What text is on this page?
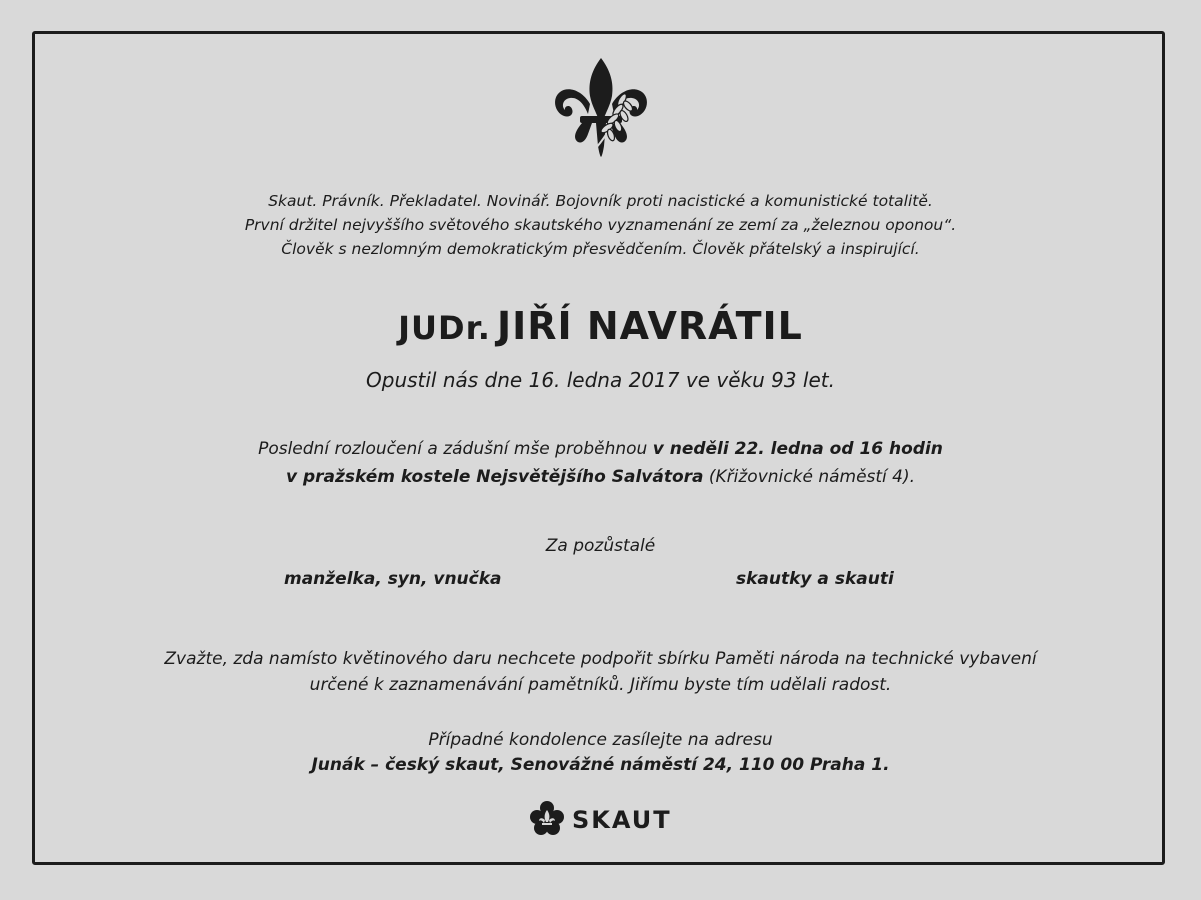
Skaut. Právník. Překladatel. Novinář. Bojovník proti nacistické a komunistické totalitě.
První držitel nejvyššího světového skautského vyznamenání ze zemí za „železnou oponou“.
Člověk s nezlomným demokratickým přesvědčením. Člověk přátelský a inspirující.
JUDr. JIŘÍ NAVRÁTIL
Opustil nás dne 16. ledna 2017 ve věku 93 let.
Poslední rozloučení a zádušní mše proběhnou v neděli 22. ledna od 16 hodin
v pražském kostele Nejsvětějšího Salvátora (Křižovnické náměstí 4).
Za pozůstalé
manželka, syn, vnučka	skautky a skauti
Zvažte, zda namísto květinového daru nechcete podpořit sbírku Paměti národa na technické vybavení
určené k zaznamenávání pamětníků. Jiřímu byste tím udělali radost.
Případné kondolence zasílejte na adresu
Junák – český skaut, Senovážné náměstí 24, 110 00 Praha 1.
SKAUT
